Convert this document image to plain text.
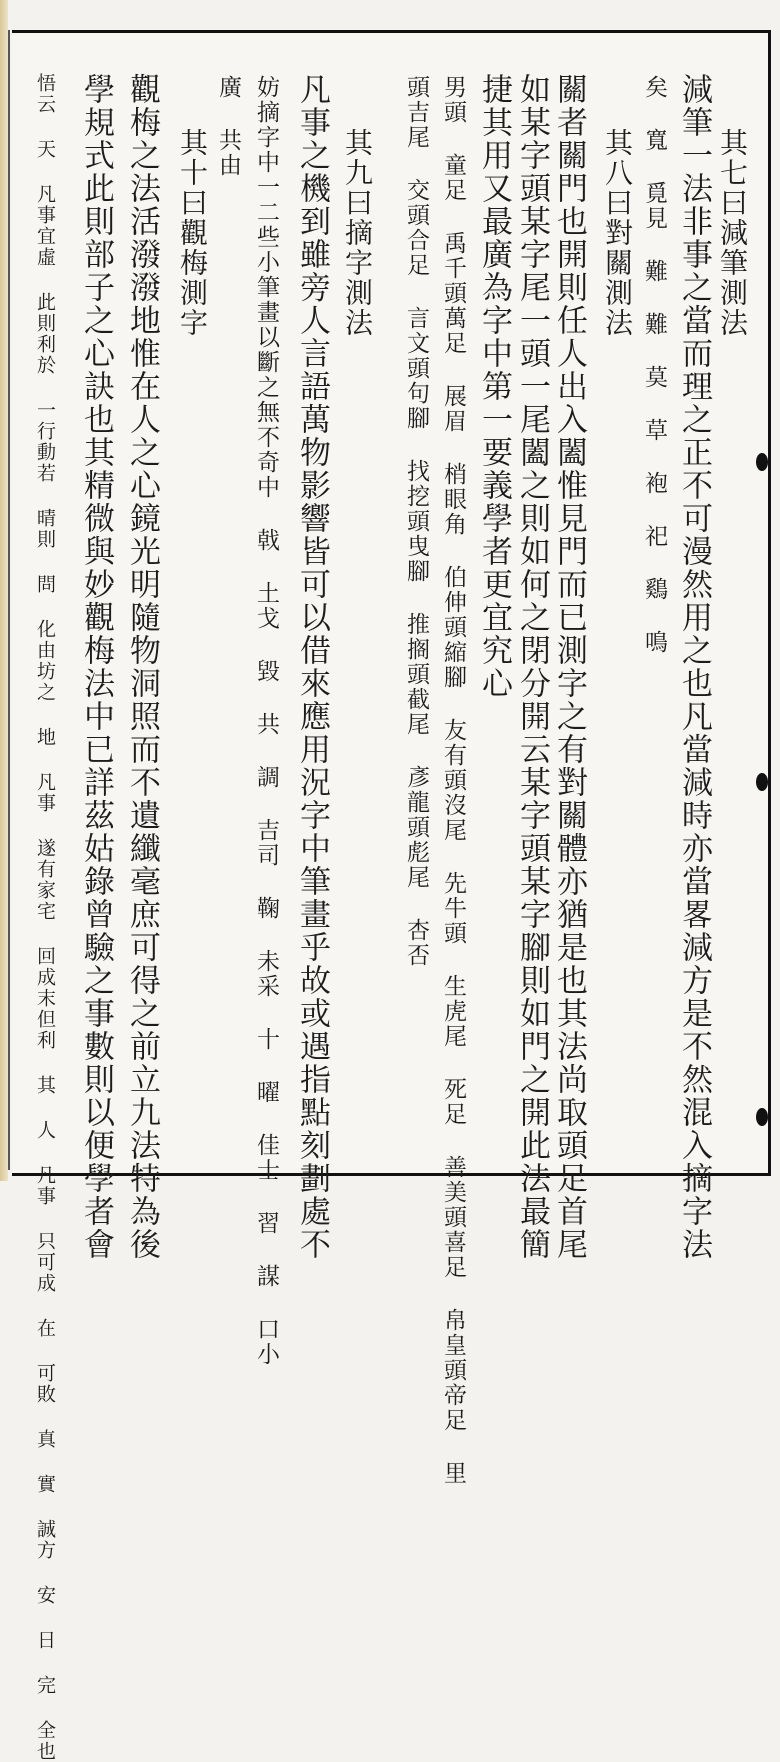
其七曰減筆測法
減筆一法非事之當而理之正不可漫然用之也凡當減時亦當畧減方是不然混入摘字法
矣 寬 覓見 難 難 莫 草 袍 祀 鷄 鳴
其八曰對關測法
關者關門也開則任人出入闔惟見門而已測字之有對關體亦猶是也其法尚取頭足首尾
如某字頭某字尾一頭一尾闔之則如何之閉分開云某字頭某字腳則如門之開此法最簡
捷其用又最廣為字中第一要義學者更宜究心
男頭 童足 禹千頭萬足 展眉 梢眼角 伯伸頭縮腳 友有頭沒尾 先牛頭 生虎尾 死足 善美頭喜足 帛皇頭帝足 里
頭吉尾 交頭合足 言文頭句腳 找挖頭曳腳 推搁頭截尾 彥龍頭彪尾 杏否
其九曰摘字測法
凡事之機到雖旁人言語萬物影響皆可以借來應用況字中筆畫乎故或遇指點刻劃處不
妨摘字中一二些小筆畫以斷之無不奇中 戟 土戈 毀 共 調 吉司 鞠 未采 十 曜 佳士 習 謀 口小
廣 共由
其十曰觀梅測字
觀梅之法活潑潑地惟在人之心鏡光明隨物洞照而不遺纖毫庶可得之前立九法特為後
學規式此則部子之心訣也其精微與妙觀梅法中已詳茲姑錄曾驗之事數則以便學者會
悟云 天 凡事宜虛 此則利於 一行動若 晴則 問 化由坊之 地 凡事 遂有家宅 回成末但利 其 人 凡事 只可成 在 可敗 真 實 誠方 安 日 完 全也
